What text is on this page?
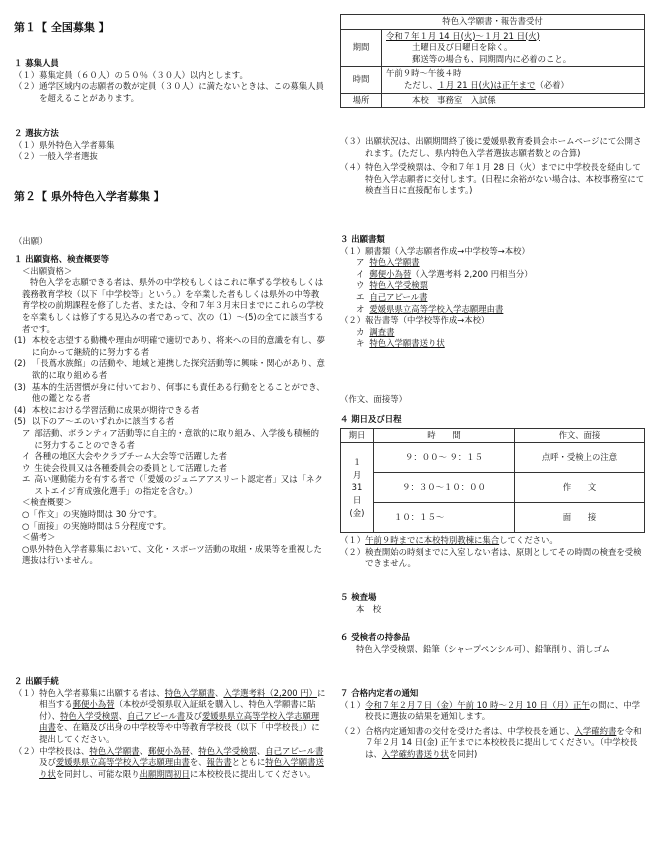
第１【 全国募集 】
１ 募集人員
（１） 募集定員（６０人）の５０％（３０人）以内とします。
（２） 通学区域内の志願者の数が定員（３０人）に満たないときは、この募集人員を超えることがあります。
２ 選抜方法
（１） 県外特色入学者募集
（２） 一般入学者選抜
第２【 県外特色入学者募集 】
（出願）
１ 出願資格、検査概要等
＜出願資格＞

特色入学を志願できる者は、県外の中学校もしくはこれに準ずる学校もしくは義務教育学校（以下「中学校等」という。）を卒業した者もしくは県外の中等教育学校の前期課程を修了した者、または、令和７年３月末日までにこれらの学校を卒業もしくは修了する見込みの者であって、次の（1）～(5)の全てに該当する者です。

(1) 本校を志望する動機や理由が明確で適切であり、将来への目的意識を有し、夢に向かって継続的に努力する者
(2) 「長蔦水族館」の活動や、地域と連携した探究活動等に興味・関心があり、意欲的に取り組める者
(3) 基本的生活習慣が身に付いており、何事にも責任ある行動をとることができ、他の鑑となる者
(4) 本校における学習活動に成果が期待できる者
(5) 以下のア～エのいずれかに該当する者
ア 部活動、ボランティア活動等に自主的・意欲的に取り組み、入学後も積極的に努力することのできる者
イ 各種の地区大会やクラブチーム大会等で活躍した者
ウ 生徒会役員又は各種委員会の委員として活躍した者
エ 高い運動能力を有する者で（「愛媛のジュニアアスリート認定者」又は「ネクストエイジ育成強化選手」の指定を含む。）
＜検査概要＞
○「作文」の実施時間は 30 分です。
○「面接」の実施時間は５分程度です。
＜備考＞
○県外特色入学者募集において、文化・スポーツ活動の取組・成果等を重視した選抜は行いません。
２ 出願手続
（１） 特色入学者募集に出願する者は、特色入学願書、入学選考料（2,200 円）に相当する郵便小為替（本校が受領県収入証紙を購入し、特色入学願書に貼付）、特色入学受検票、自己アピール書及び愛媛県県立高等学校入学志願理由書を、在籍及び出身の中学校等や中等教育学校長（以下「中学校長」）に提出してください。
（２） 中学校長は、特色入学願書、郵便小為替、特色入学受検票、自己アピール書及び愛媛県県立高等学校入学志願理由書を、報告書とともに特色入学願書送り状を同封し、可能な限り出願期間初日に本校校長に提出してください。
特色入学願書・報告書受付	
期間	令和７年１月 14 日(火)～１月 21 日(火)
土曜日及び日曜日を除く。
郵送等の場合も、同期間内に必着のこと。

時間	午前９時～午後４時
ただし、１月 21 日(火)は正午まで（必着）

場所	本校　事務室　入試係
（３） 出願状況は、出願期間終了後に愛媛県教育委員会ホームページにて公開されます。(ただし、県内特色入学者選抜志願者数との合算)
（４） 特色入学受検票は、令和７年１月 28 日（火）までに中学校長を経由して特色入学志願者に交付します。(日程に余裕がない場合は、本校事務室にて検査当日に直接配布します。)
３ 出願書類
（１）願書類（入学志願者作成→中学校等→本校）
ア 特色入学願書
イ 郵便小為替（入学選考料 2,200 円相当分）
ウ 特色入学受検票
エ 自己アピール書
オ 愛媛県県立高等学校入学志願理由書
（２）報告書等（中学校等作成→本校）
カ 調査書
キ 特色入学願書送り状
（作文、面接等）
４ 期日及び日程
期日	時　　間	作文、面接
１
月
31
日
(金)	９：００～ ９：１５	点呼・受検上の注意
	９：３０～１０：００	作　　文
	１０：１５～	面　　接
（１） 午前９時までに本校特別教棟に集合してください。
（２） 検査開始の時刻までに入室しない者は、原則としてその時間の検査を受検できません。
５ 検査場
本　校
６ 受検者の持参品
特色入学受検票、鉛筆（シャープペンシル可）、鉛筆削り、消しゴム
７ 合格内定者の通知
（１） 令和７年２月７日（金）午前 10 時～２月 10 日（月）正午の間に、中学校長に選抜の結果を通知します。
（２） 合格内定通知書の交付を受けた者は、中学校長を通じ、入学確約書を令和７年２月 14 日(金) 正午までに本校校長に提出してください。（中学校長は、入学確約書送り状を同封)
